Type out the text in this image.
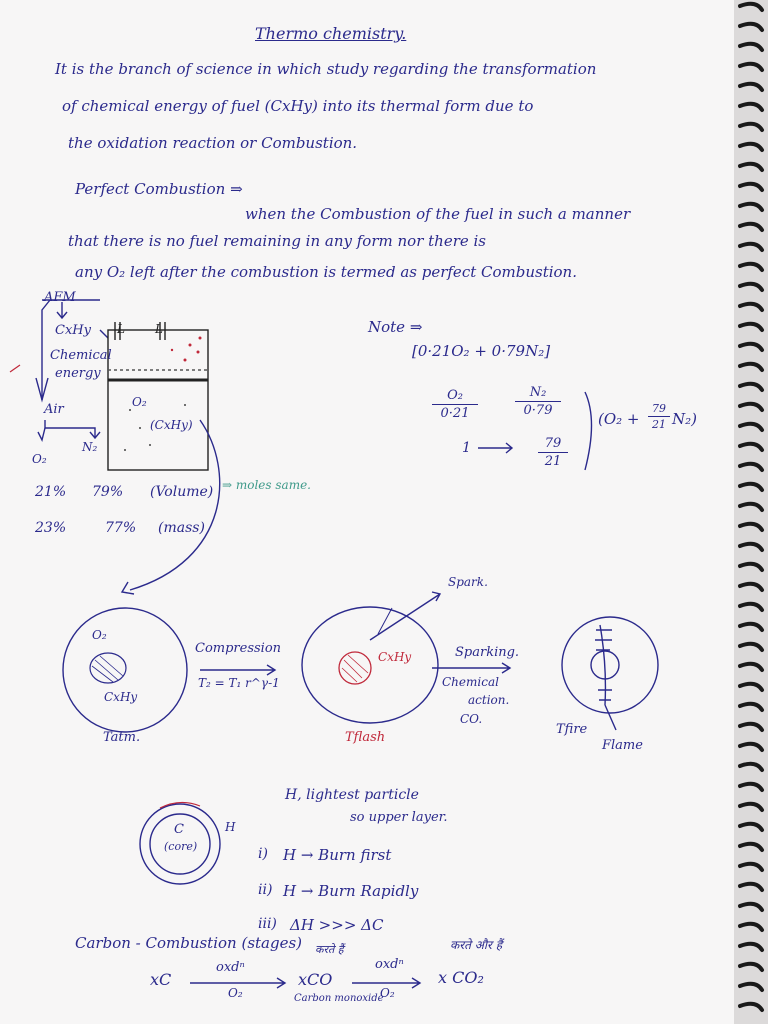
Thermo chemistry.
It is the branch of science in which study regarding the transformation
of chemical energy of fuel (CxHy) into its thermal form due to
the oxidation reaction or Combustion.
Perfect Combustion ⇒
when the Combustion of the fuel in such a manner
that there is no fuel remaining in any form nor there is
any O₂ left after the combustion is termed as perfect Combustion.
AFM
CxHy
Chemical
energy
Air
O₂
N₂
L	L
O₂
(CxHy)
21% 79% (Volume) ⇒ moles same.
23%	77% (mass)
Note ⇒
[0·21O₂ + 0·79N₂]
O₂
0·21
N₂
0·79
1	79
21
(O₂ +
79
21 N₂)
Spark.
O₂
CxHy
Tatm.
Compression
T₂ = T₁ r^γ-1
CxHy
Tflash
Sparking.
Chemical
action.
CO.
Tfire
Flame
C
(core)
H
H, lightest particle
so upper layer.
i) H → Burn first
ii) H → Burn Rapidly
iii) ΔH >>> ΔC
Carbon - Combustion (stages) करते हैं	करते और हैं
xC
oxdⁿ
O₂
xCO
Carbon monoxide
oxdⁿ
O₂
x CO₂
